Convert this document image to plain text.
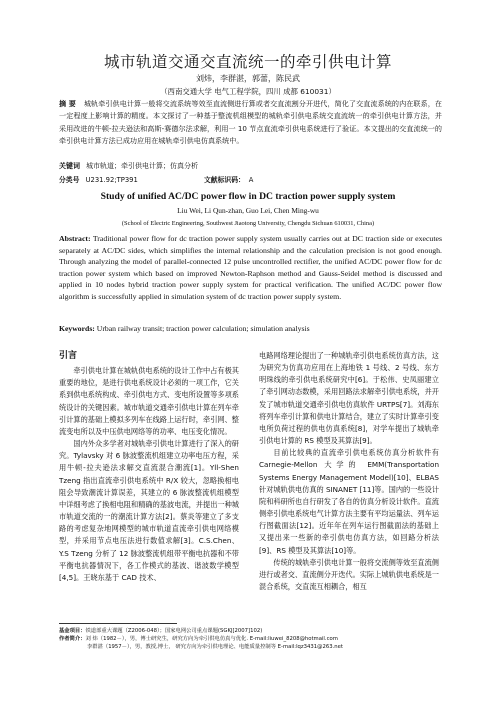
城市轨道交通交直流统一的牵引供电计算
刘炜，李群湛，郭蕾，陈民武
（西南交通大学 电气工程学院，四川 成都 610031）
摘 要 城轨牵引供电计算一般将交流系统等效至直流侧进行算或者交直流割分开进代，简化了交直流系统的内在联系，在一定程度上影响计算的精度。本文探讨了一种基于整流机组模型的城轨牵引供电系统交直流统一的牵引供电计算方法，并采用改进的牛顿-拉夫逊法和高斯-赛德尔法求解，利用一 10 节点直流牵引供电系统进行了验证。本文提出的交直流统一的牵引供电计算方法已成功应用在城轨牵引供电仿真系统中。
关键词 城市轨道；牵引供电计算；仿真分析
分类号 U231.92;TP391	文献标识码： A
Study of unified AC/DC power flow in DC traction power supply system
Liu Wei, Li Qun-zhan, Guo Lei, Chen Ming-wu
(School of Electric Engineering, Southwest Jiaotong University, Chengdu Sichuan 610031, China)
Abstract: Traditional power flow for dc traction power supply system usually carries out at DC traction side or executes separately at AC/DC sides, which simplifies the internal relationship and the calculation precision is not good enough. Through analyzing the model of parallel-connected 12 pulse uncontrolled rectifier, the unified AC/DC power flow for dc traction power system which based on improved Newton-Raphson method and Gauss-Seidel method is discussed and applied in 10 nodes hybrid traction power supply system for practical verification. The unified AC/DC power flow algorithm is successfully applied in simulation system of dc traction power supply system.
Keywords: Urban railway transit; traction power calculation; simulation analysis
引言

牵引供电计算在城轨供电系统的设计工作中占有极其重要的地位，是进行供电系统设计必须的一项工作，它关系到供电系统构成、牵引供电方式、变电所设置等多项系统设计的关键因素。城市轨道交通牵引供电计算在列车牵引计算的基础上模拟多列车在线路上运行时，牵引网、整流变电所以及中压供电网络等的功率、电压变化情况。

国内外众多学者对城轨牵引供电计算进行了深入的研究。Tylavsky 对 6 脉波整流机组建立功率电压方程，采用牛顿-拉夫逊法求解交直流混合潮流[1]。Yll-Shen Tzeng 指出直流牵引供电系统中 R/X 较大，忽略换相电阻会导致潮流计算误差，其建立的 6 脉波整流机组模型中详细考虑了换相电阻和精确的基波电流，并提出一种城市轨道交流的一的潮流计算方法[2]。蔡炎等建立了多支路的考虑复杂地网模型的城市轨道直流牵引供电网络模型，并采用节点电压法进行数值求解[3]。C.S.Chen、Y.S Tzeng 分析了 12 脉波整流机组带平衡电抗器和不带平衡电抗器情况下，各工作模式的基波、谐波数学模型[4,5]。王晓东基于 CAD 技术、

电路网络理论提出了一种城轨牵引供电系统仿真方法，这为研究为仿真功应用在上海地铁 1 号线、2 号线、东方明珠线的牵引供电系统研究中[6]。于松伟、史凤丽建立了牵引网动态数模，采用回路法求解牵引供电系统，并开发了城市轨道交通牵引供电仿真软件 URTPS[7]。刘海东将列车牵引计算和供电计算结合，建立了实时计算牵引变电所负荷过程的供电仿真系统[8]，对学车提出了城轨牵引供电计算的 RS 模型及其算法[9]。

目前比较典的直流牵引供电系统仿真分析软件有 Carnegie-Mellon 大学的 EMM(Transportation Systems Energy Management Model)[10]、ELBAS 针对城轨供电仿真的 SINANET [11]等。国内的一些设计院和科研所也自行研发了各自的仿真分析设计软件。直流侧牵引供电系统电气计算方法主要有平均运量法、列车运行图截面法[12]。近年年在列车运行图截面法的基础上又提出来一些新的牵引供电仿真方法，如回路分析法[9]、RS 模型及其算法[10]等。

传统的城轨牵引供电计算一般将交流侧等效至直流侧进行或者交、直流侧分开迭代。实际上城轨供电系统是一混合系统，交直流互相耦合，相互

基金项目：铁道部重大课题（Z2006-048）；国家电网公司重点课题(SGKJ[2007]102)
作者简介：刘 炜（1982－），男，博士研究生，研究方向为牵引供电仿真与优化. E-mail:liuwei_8208@hotmail.com
李群湛（1957－），男，教授,博士， 研究方向为牵引供电理论、电能质量控制等 E-mail:lqz3431@263.net
